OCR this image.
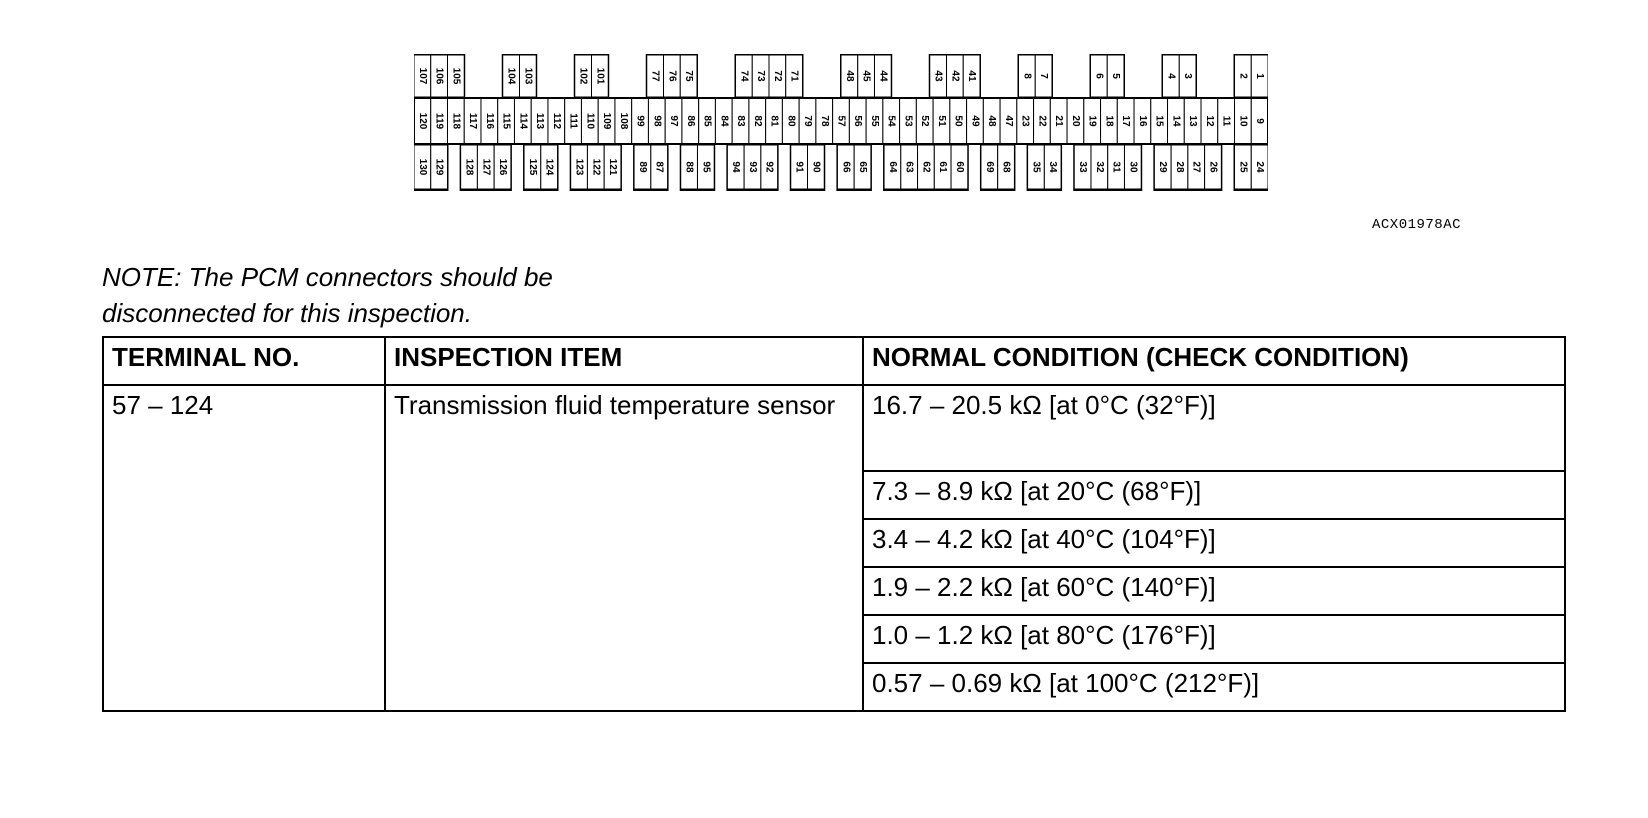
107 106 105	104 103	102 101	77 76 75	74 73 72 71	48 45 44	43 42 41	8 7	6 5	4 3	2 1
120 119 118 117 116 115 114 113 112 111 110 109 108 99 98 97 86 85 84 83 82 81 80 79 78 57 56 55 54 53 52 51 50 49 48 47 23 22 21 20 19 18 17 16 15 14 13 12 11 10 9
130 129 128 127 126 125 124 123 122 121 89 87 88 95 94 93 92 91 90 66 65 64 63 62 61 60 69 68 35 34 33 32 31 30 29 28 27 26 25 24
ACX01978AC

NOTE: The PCM connectors should be
disconnected for this inspection.

TERMINAL NO.	INSPECTION ITEM	NORMAL CONDITION (CHECK CONDITION)
57 – 124	Transmission fluid temperature sensor	16.7 – 20.5 kΩ [at 0°C (32°F)]
		7.3 – 8.9 kΩ [at 20°C (68°F)]
		3.4 – 4.2 kΩ [at 40°C (104°F)]
		1.9 – 2.2 kΩ [at 60°C (140°F)]
		1.0 – 1.2 kΩ [at 80°C (176°F)]
		0.57 – 0.69 kΩ [at 100°C (212°F)]
